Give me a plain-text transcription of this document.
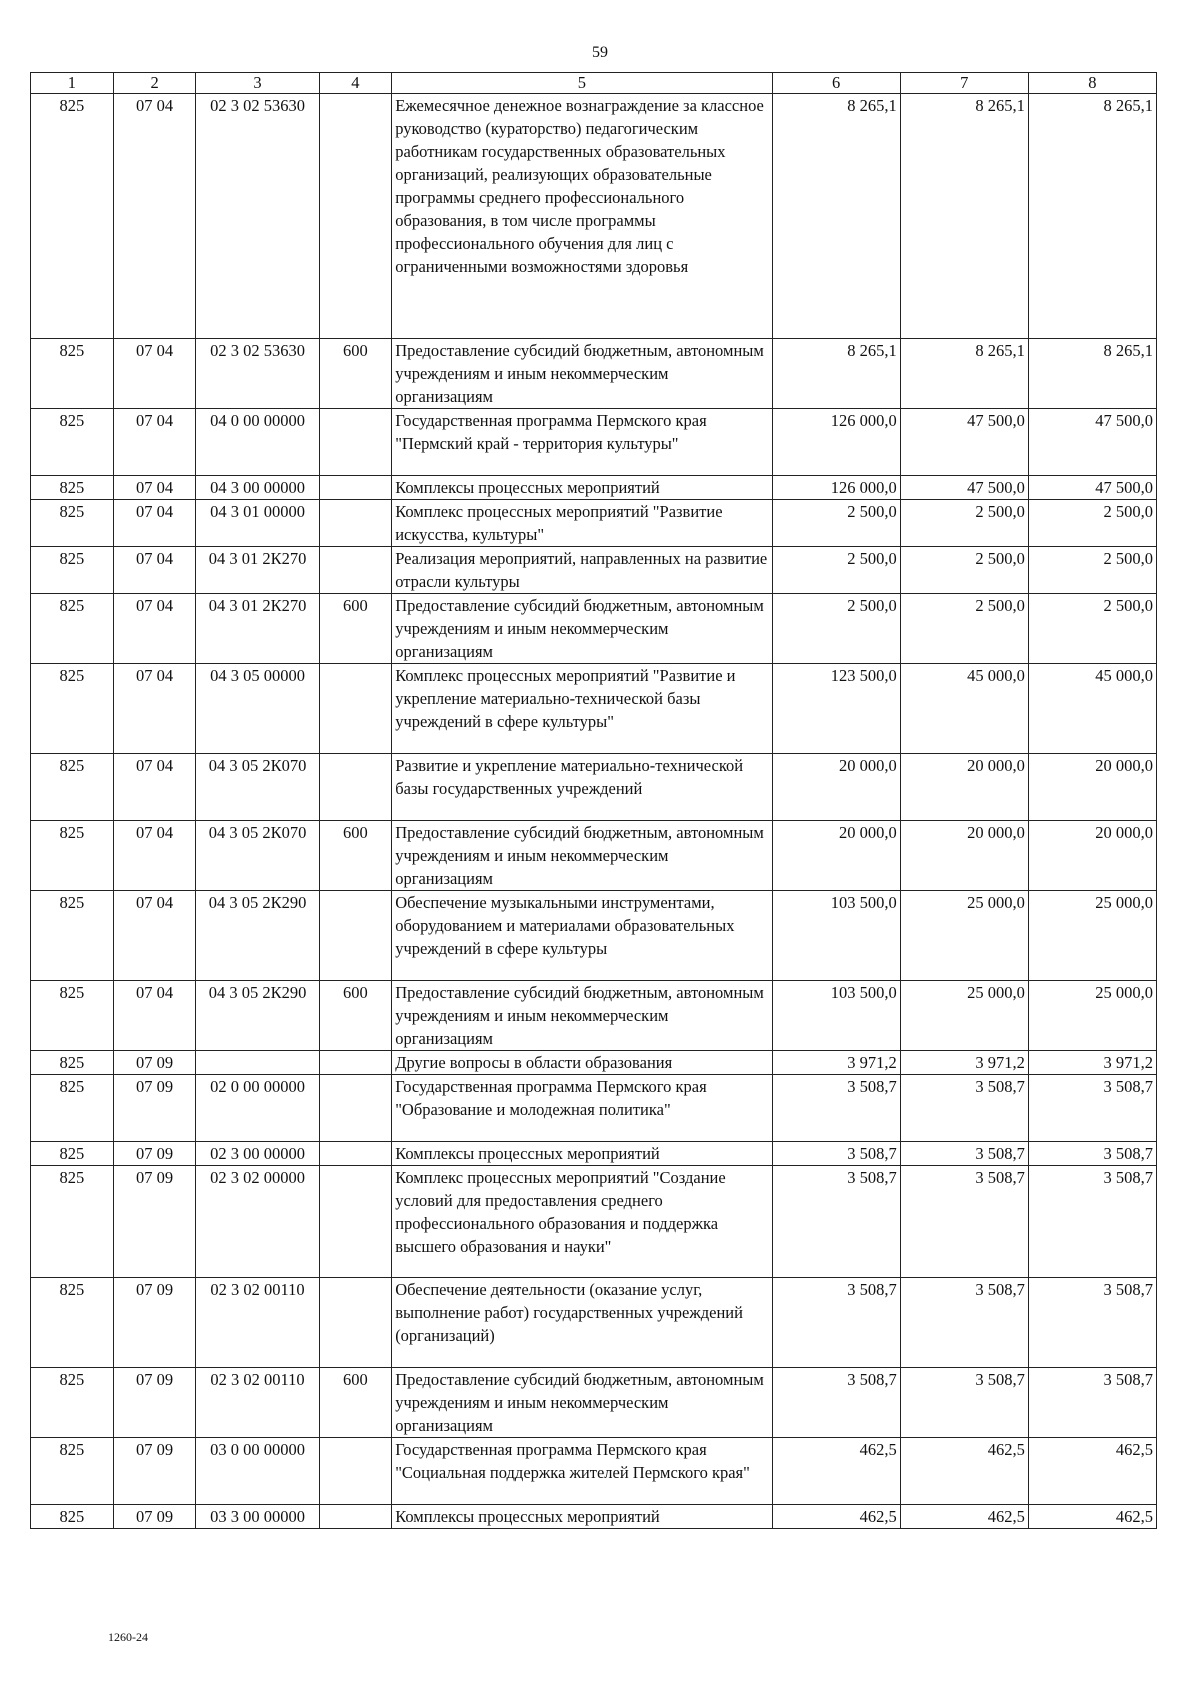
59
1	2	3	4	5	6	7	8
825	07 04	02 3 02 53630		Ежемесячное денежное вознаграждение за классное руководство (кураторство) педагогическим работникам государственных образовательных организаций, реализующих образовательные программы среднего профессионального образования, в том числе программы профессионального обучения для лиц с ограниченными возможностями здоровья	8 265,1	8 265,1	8 265,1
825	07 04	02 3 02 53630	600	Предоставление субсидий бюджетным, автономным учреждениям и иным некоммерческим организациям	8 265,1	8 265,1	8 265,1
825	07 04	04 0 00 00000		Государственная программа Пермского края "Пермский край - территория культуры"	126 000,0	47 500,0	47 500,0
825	07 04	04 3 00 00000		Комплексы процессных мероприятий	126 000,0	47 500,0	47 500,0
825	07 04	04 3 01 00000		Комплекс процессных мероприятий "Развитие искусства, культуры"	2 500,0	2 500,0	2 500,0
825	07 04	04 3 01 2К270		Реализация мероприятий, направленных на развитие отрасли культуры	2 500,0	2 500,0	2 500,0
825	07 04	04 3 01 2К270	600	Предоставление субсидий бюджетным, автономным учреждениям и иным некоммерческим организациям	2 500,0	2 500,0	2 500,0
825	07 04	04 3 05 00000		Комплекс процессных мероприятий "Развитие и укрепление материально-технической базы учреждений в сфере культуры"	123 500,0	45 000,0	45 000,0
825	07 04	04 3 05 2К070		Развитие и укрепление материально-технической базы государственных учреждений	20 000,0	20 000,0	20 000,0
825	07 04	04 3 05 2К070	600	Предоставление субсидий бюджетным, автономным учреждениям и иным некоммерческим организациям	20 000,0	20 000,0	20 000,0
825	07 04	04 3 05 2К290		Обеспечение музыкальными инструментами, оборудованием и материалами образовательных учреждений в сфере культуры	103 500,0	25 000,0	25 000,0
825	07 04	04 3 05 2К290	600	Предоставление субсидий бюджетным, автономным учреждениям и иным некоммерческим организациям	103 500,0	25 000,0	25 000,0
825	07 09			Другие вопросы в области образования	3 971,2	3 971,2	3 971,2
825	07 09	02 0 00 00000		Государственная программа Пермского края "Образование и молодежная политика"	3 508,7	3 508,7	3 508,7
825	07 09	02 3 00 00000		Комплексы процессных мероприятий	3 508,7	3 508,7	3 508,7
825	07 09	02 3 02 00000		Комплекс процессных мероприятий "Создание условий для предоставления среднего профессионального образования и поддержка высшего образования и науки"	3 508,7	3 508,7	3 508,7
825	07 09	02 3 02 00110		Обеспечение деятельности (оказание услуг, выполнение работ) государственных учреждений (организаций)	3 508,7	3 508,7	3 508,7
825	07 09	02 3 02 00110	600	Предоставление субсидий бюджетным, автономным учреждениям и иным некоммерческим организациям	3 508,7	3 508,7	3 508,7
825	07 09	03 0 00 00000		Государственная программа Пермского края "Социальная поддержка жителей Пермского края"	462,5	462,5	462,5
825	07 09	03 3 00 00000		Комплексы процессных мероприятий	462,5	462,5	462,5
1260-24
